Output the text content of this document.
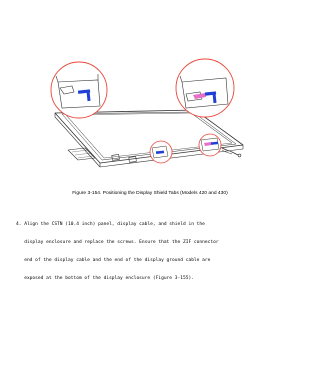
Figure 3-154. Positioning the Display Shield Tabs (Models 420 and 430)

4. Align the CSTN (10.4 inch) panel, display cable, and shield in the

display enclosure and replace the screws. Ensure that the ZIF connector

end of the display cable and the end of the display ground cable are

exposed at the bottom of the display enclosure (Figure 3-155).
